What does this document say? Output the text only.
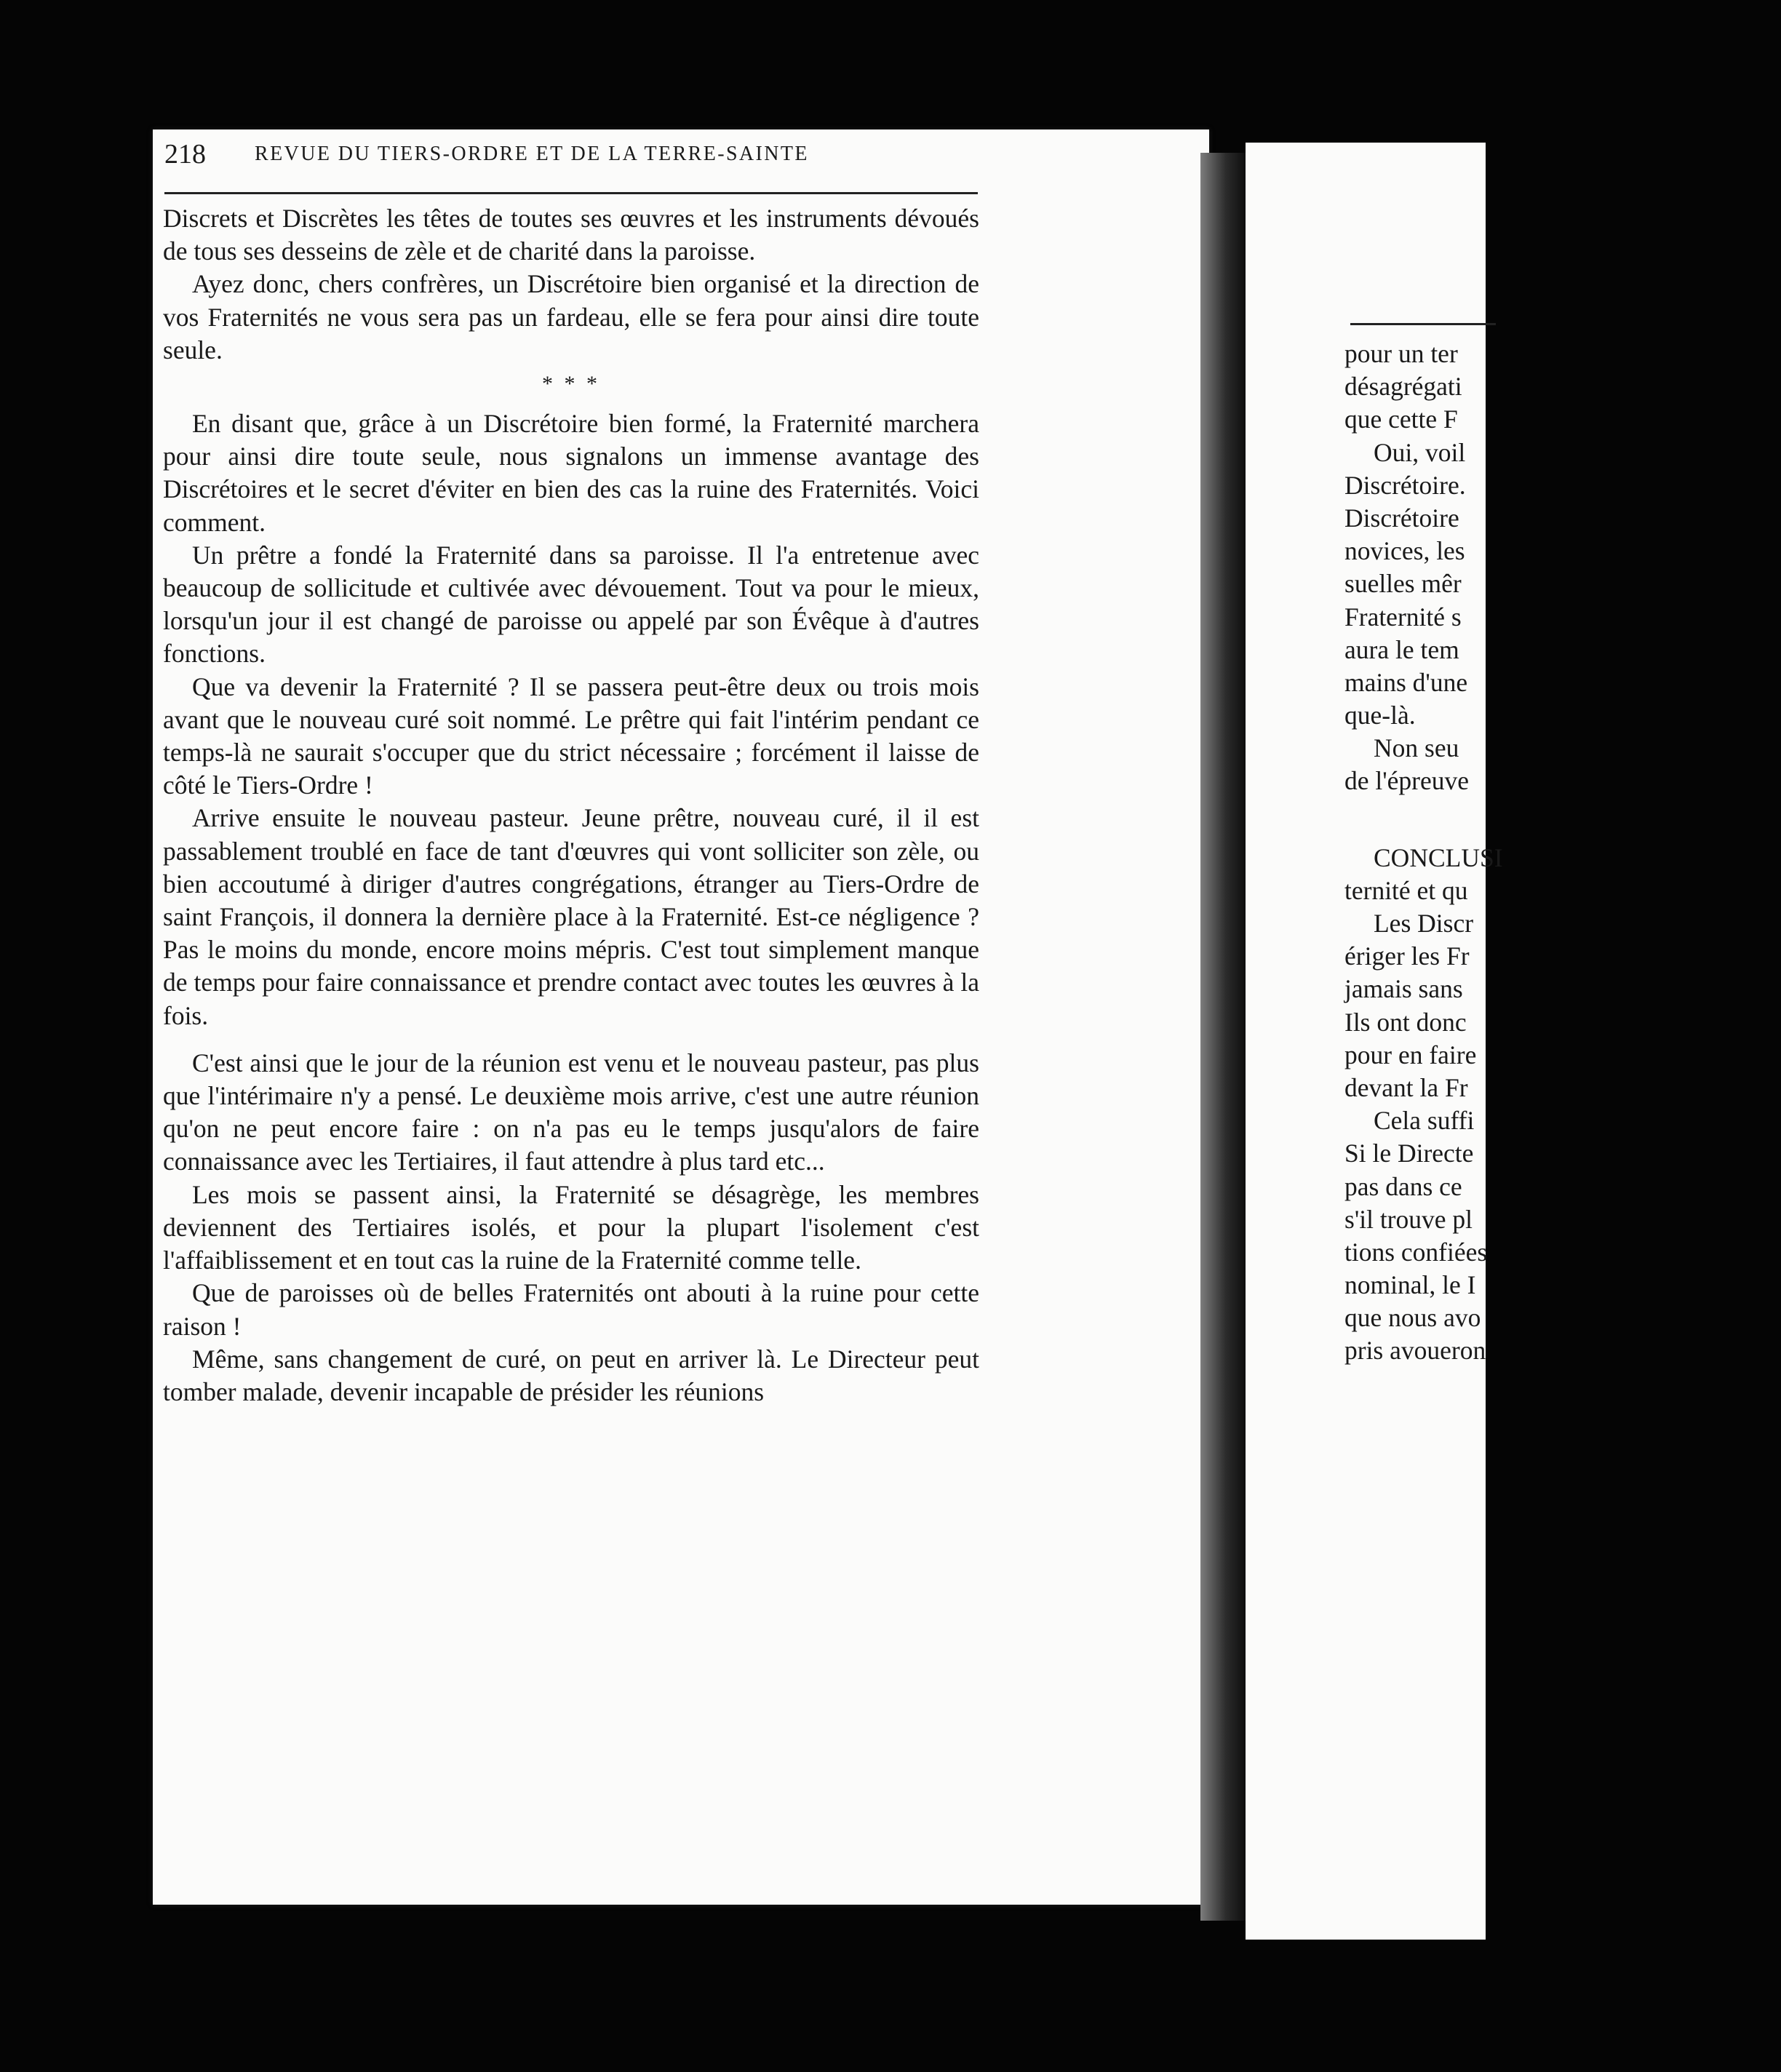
pour un ter
désagrégati
que cette F
Oui, voil
Discrétoire.
Discrétoire
novices, les
suelles mêr
Fraternité s
aura le tem
mains d'une
que-là.
Non seu
de l'épreuve
CONCLUSI
ternité et qu
Les Discr
ériger les Fr
jamais sans
Ils ont donc
pour en faire
devant la Fr
Cela suffi
Si le Directe
pas dans ce
s'il trouve pl
tions confiées
nominal, le I
que nous avo
pris avoueron
218 REVUE DU TIERS-ORDRE ET DE LA TERRE-SAINTE

Discrets et Discrètes les têtes de toutes ses œuvres et les instruments dévoués de tous ses desseins de zèle et de charité dans la paroisse.

Ayez donc, chers confrères, un Discrétoire bien organisé et la direction de vos Fraternités ne vous sera pas un fardeau, elle se fera pour ainsi dire toute seule.

* * *

En disant que, grâce à un Discrétoire bien formé, la Fraternité marchera pour ainsi dire toute seule, nous signalons un immense avantage des Discrétoires et le secret d'éviter en bien des cas la ruine des Fraternités. Voici comment.

Un prêtre a fondé la Fraternité dans sa paroisse. Il l'a entretenue avec beaucoup de sollicitude et cultivée avec dévouement. Tout va pour le mieux, lorsqu'un jour il est changé de paroisse ou appelé par son Évêque à d'autres fonctions.

Que va devenir la Fraternité ? Il se passera peut-être deux ou trois mois avant que le nouveau curé soit nommé. Le prêtre qui fait l'intérim pendant ce temps-là ne saurait s'occuper que du strict nécessaire ; forcément il laisse de côté le Tiers-Ordre !

Arrive ensuite le nouveau pasteur. Jeune prêtre, nouveau curé, il il est passablement troublé en face de tant d'œuvres qui vont solliciter son zèle, ou bien accoutumé à diriger d'autres congrégations, étranger au Tiers-Ordre de saint François, il donnera la dernière place à la Fraternité. Est-ce négligence ? Pas le moins du monde, encore moins mépris. C'est tout simplement manque de temps pour faire connaissance et prendre contact avec toutes les œuvres à la fois.

C'est ainsi que le jour de la réunion est venu et le nouveau pasteur, pas plus que l'intérimaire n'y a pensé. Le deuxième mois arrive, c'est une autre réunion qu'on ne peut encore faire : on n'a pas eu le temps jusqu'alors de faire connaissance avec les Tertiaires, il faut attendre à plus tard etc...

Les mois se passent ainsi, la Fraternité se désagrège, les membres deviennent des Tertiaires isolés, et pour la plupart l'isolement c'est l'affaiblissement et en tout cas la ruine de la Fraternité comme telle.

Que de paroisses où de belles Fraternités ont abouti à la ruine pour cette raison !

Même, sans changement de curé, on peut en arriver là. Le Directeur peut tomber malade, devenir incapable de présider les réunions
